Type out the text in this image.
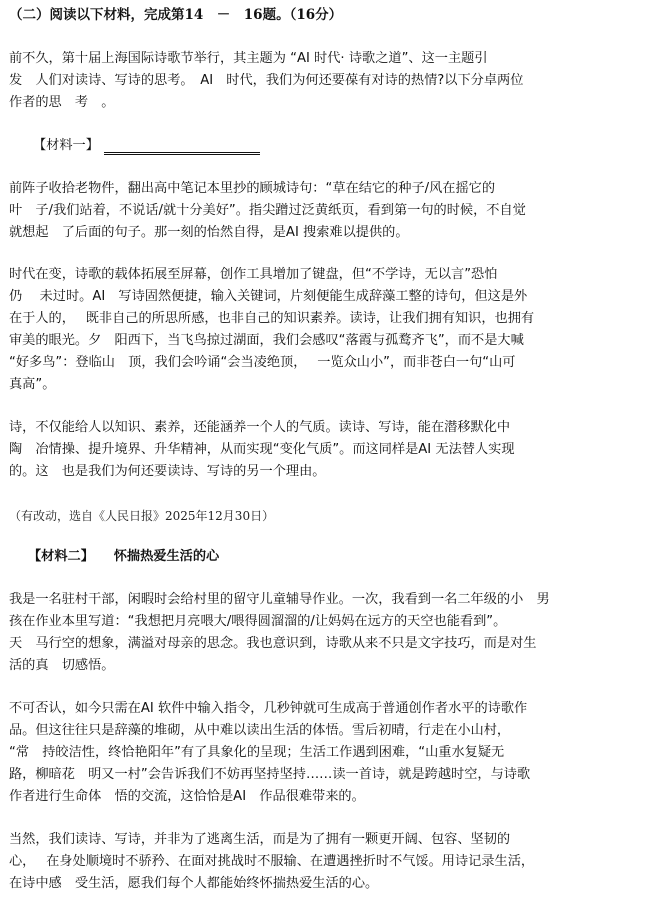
（二）阅读以下材料，完成第14　－　16题。（16分）
前不久，第十届上海国际诗歌节举行，其主题为 “AI 时代· 诗歌之道”、这一主题引
发　人们对读诗、写诗的思考。　AI　时代，我们为何还要葆有对诗的热情?以下分卓两位
作者的思　考　。
【材料一】
前阵子收拾老物件，翻出高中笔记本里抄的顾城诗句：“草在结它的种子/风在摇它的
叶　子/我们站着，不说话/就十分美好”。指尖蹭过泛黄纸页，看到第一句的时候，不自觉
就想起　了后面的句子。那一刻的怡然自得，是AI 搜索难以提供的。
时代在变，诗歌的载体拓展至屏幕，创作工具增加了键盘，但“不学诗，无以言”恐怕
仍　 未过时。AI　写诗固然便捷，输入关键词，片刻便能生成辞藻工整的诗句，但这是外
在于人的，　 既非自己的所思所感，也非自己的知识素养。读诗，让我们拥有知识，也拥有
审美的眼光。夕　阳西下，当飞鸟掠过湖面，我们会感叹“落霞与孤鹜齐飞”，而不是大喊
“好多鸟”：登临山　顶，我们会吟诵“会当凌绝顶，　 一览众山小”，而非苍白一句“山可
真高”。
诗，不仅能给人以知识、素养，还能涵养一个人的气质。读诗、写诗，能在潜移默化中
陶　冶情操、提升境界、升华精神，从而实现“变化气质”。而这同样是AI 无法替人实现
的。这　也是我们为何还要读诗、写诗的另一个理由。
（有改动，选自《人民日报》2025年12月30日）
【材料二】　　怀揣热爱生活的心
我是一名驻村干部，闲暇时会给村里的留守儿童辅导作业。一次，我看到一名二年级的小　男
孩在作业本里写道：“我想把月亮喂大/喂得圆溜溜的/让妈妈在远方的天空也能看到”。
天　马行空的想象，满溢对母亲的思念。我也意识到，诗歌从来不只是文字技巧，而是对生
活的真　切感悟。
不可否认，如今只需在AI 软件中输入指令，几秒钟就可生成高于普通创作者水平的诗歌作
品。但这往往只是辞藻的堆砌，从中难以读出生活的体悟。雪后初晴，行走在小山村，
“常　持皎洁性，终恰艳阳年”有了具象化的呈现；生活工作遇到困难，“山重水复疑无
路，柳暗花　明又一村”会告诉我们不妨再坚持坚持……读一首诗，就是跨越时空，与诗歌
作者进行生命体　悟的交流，这恰恰是AI　作品很难带来的。
当然，我们读诗、写诗，并非为了逃离生活，而是为了拥有一颗更开阔、包容、坚韧的
心，　 在身处顺境时不骄矜、在面对挑战时不服输、在遭遇挫折时不气馁。用诗记录生活，
在诗中感　受生活，愿我们每个人都能始终怀揣热爱生活的心。
